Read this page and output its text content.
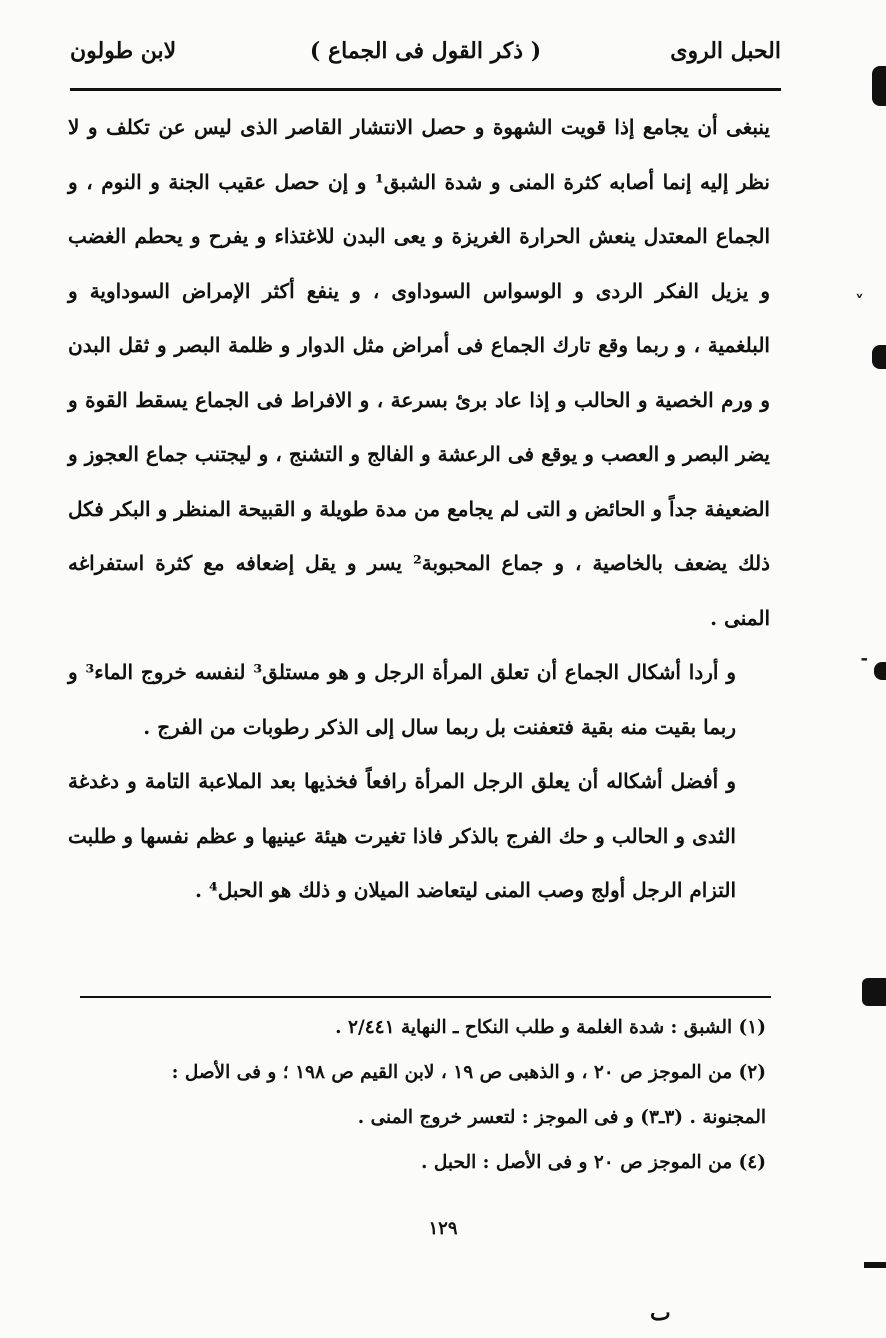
الحبل الروى
( ذكر القول فى الجماع )
لابن طولون

ينبغى أن يجامع إذا قويت الشهوة و حصل الانتشار القاصر الذى ليس عن تكلف و لا نظر إليه إنما أصابه كثرة المنى و شدة الشبق¹ و إن حصل عقيب الجنة و النوم ، و الجماع المعتدل ينعش الحرارة الغريزة و يعى البدن للاغتذاء و يفرح و يحطم الغضب و يزيل الفكر الردى و الوسواس السوداوى ، و ينفع أكثر الإمراض السوداوية و البلغمية ، و ربما وقع تارك الجماع فى أمراض مثل الدوار و ظلمة البصر و ثقل البدن و ورم الخصية و الحالب و إذا عاد برئ بسرعة ، و الافراط فى الجماع يسقط القوة و يضر البصر و العصب و يوقع فى الرعشة و الفالج و التشنج ، و ليجتنب جماع العجوز و الضعيفة جداً و الحائض و التى لم يجامع من مدة طويلة و القبيحة المنظر و البكر فكل ذلك يضعف بالخاصية ، و جماع المحبوبة² يسر و يقل إضعافه مع كثرة استفراغه المنى .

و أردا أشكال الجماع أن تعلق المرأة الرجل و هو مستلق³ لنفسه خروج الماء³ و ربما بقيت منه بقية فتعفنت بل ربما سال إلى الذكر رطوبات من الفرج .

و أفضل أشكاله أن يعلق الرجل المرأة رافعاً فخذيها بعد الملاعبة التامة و دغدغة الثدى و الحالب و حك الفرج بالذكر فاذا تغيرت هيئة عينيها و عظم نفسها و طلبت التزام الرجل أولج وصب المنى ليتعاضد الميلان و ذلك هو الحبل⁴ .

(١) الشبق : شدة الغلمة و طلب النكاح ـ النهاية ٢/٤٤١ .

(٢) من الموجز ص ٢٠ ، و الذهبى ص ١٩ ، لابن القيم ص ١٩٨ ؛ و فى الأصل :

المجنونة . (٣ـ٣) و فى الموجز : لتعسر خروج المنى .

(٤) من الموجز ص ٢٠ و فى الأصل : الحبل .

١٢٩
˅
-
ٮ
